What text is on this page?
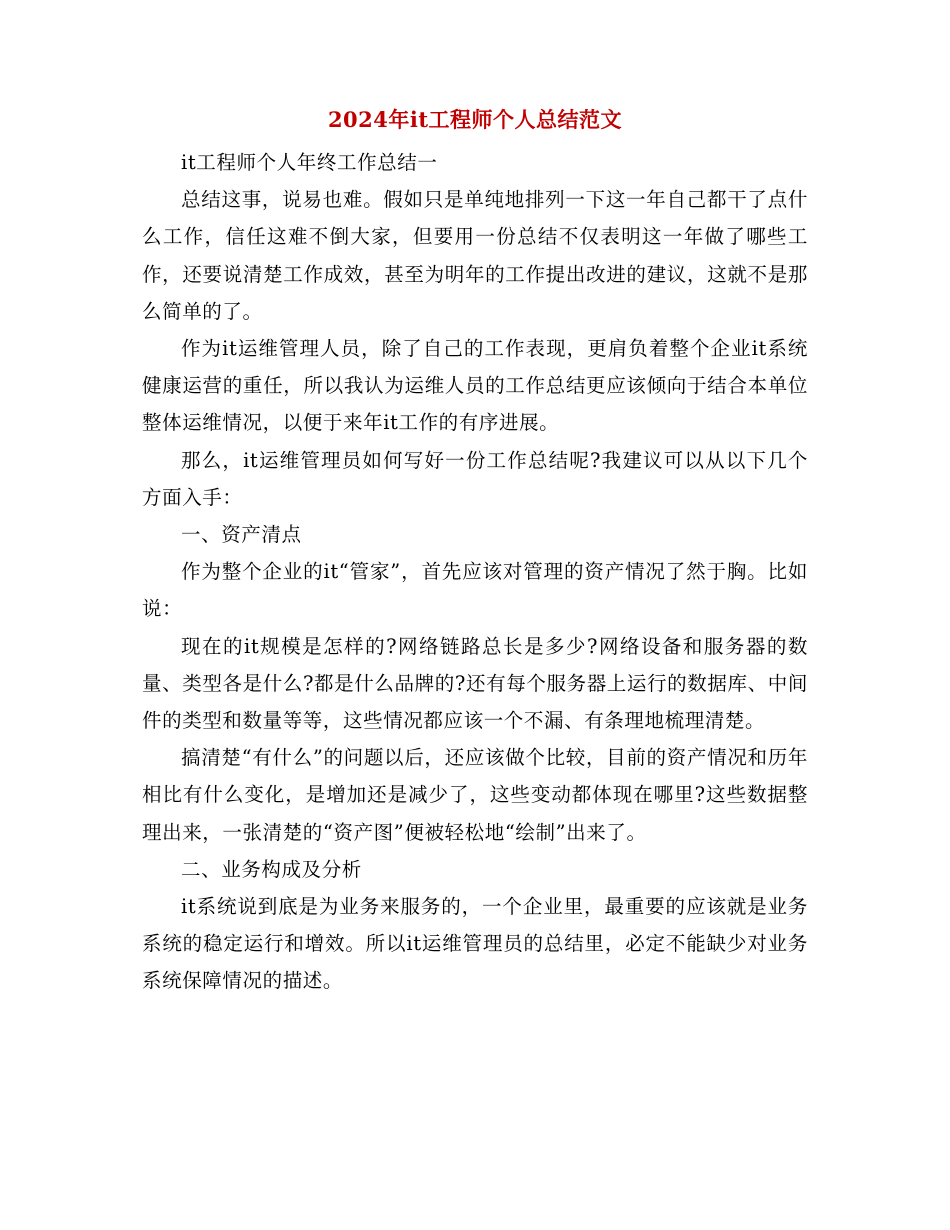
2024年it工程师个人总结范文

it工程师个人年终工作总结一

总结这事，说易也难。假如只是单纯地排列一下这一年自己都干了点什么工作，信任这难不倒大家，但要用一份总结不仅表明这一年做了哪些工作，还要说清楚工作成效，甚至为明年的工作提出改进的建议，这就不是那么简单的了。

作为it运维管理人员，除了自己的工作表现，更肩负着整个企业it系统健康运营的重任，所以我认为运维人员的工作总结更应该倾向于结合本单位整体运维情况，以便于来年it工作的有序进展。

那么，it运维管理员如何写好一份工作总结呢?我建议可以从以下几个方面入手：

一、资产清点

作为整个企业的it“管家”，首先应该对管理的资产情况了然于胸。比如说：

现在的it规模是怎样的?网络链路总长是多少?网络设备和服务器的数量、类型各是什么?都是什么品牌的?还有每个服务器上运行的数据库、中间件的类型和数量等等，这些情况都应该一个不漏、有条理地梳理清楚。

搞清楚“有什么”的问题以后，还应该做个比较，目前的资产情况和历年相比有什么变化，是增加还是减少了，这些变动都体现在哪里?这些数据整理出来，一张清楚的“资产图”便被轻松地“绘制”出来了。

二、业务构成及分析

it系统说到底是为业务来服务的，一个企业里，最重要的应该就是业务系统的稳定运行和增效。所以it运维管理员的总结里，必定不能缺少对业务系统保障情况的描述。
